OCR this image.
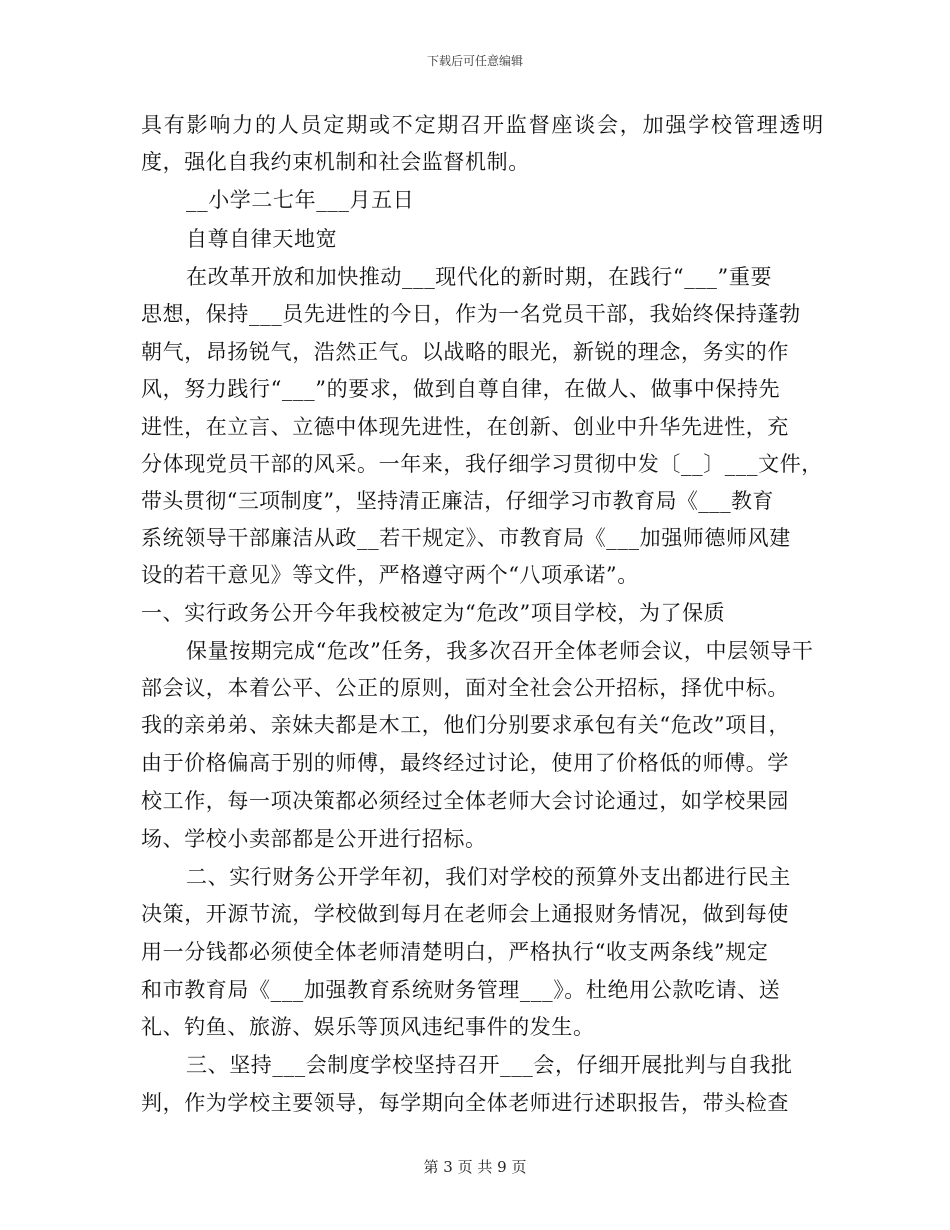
下载后可任意编辑
具有影响力的人员定期或不定期召开监督座谈会，加强学校管理透明
度，强化自我约束机制和社会监督机制。
__小学二七年___月五日
自尊自律天地宽
在改革开放和加快推动___现代化的新时期，在践行“___”重要
思想，保持___员先进性的今日，作为一名党员干部，我始终保持蓬勃
朝气，昂扬锐气，浩然正气。以战略的眼光，新锐的理念，务实的作
风，努力践行“___”的要求，做到自尊自律，在做人、做事中保持先
进性，在立言、立德中体现先进性，在创新、创业中升华先进性，充
分体现党员干部的风采。一年来，我仔细学习贯彻中发〔__〕___文件，
带头贯彻“三项制度”，坚持清正廉洁，仔细学习市教育局《___教育
系统领导干部廉洁从政__若干规定》、市教育局《___加强师德师风建
设的若干意见》等文件，严格遵守两个“八项承诺”。
一、实行政务公开今年我校被定为“危改”项目学校，为了保质
保量按期完成“危改”任务，我多次召开全体老师会议，中层领导干
部会议，本着公平、公正的原则，面对全社会公开招标，择优中标。
我的亲弟弟、亲妹夫都是木工，他们分别要求承包有关“危改”项目，
由于价格偏高于别的师傅，最终经过讨论，使用了价格低的师傅。学
校工作，每一项决策都必须经过全体老师大会讨论通过，如学校果园
场、学校小卖部都是公开进行招标。
二、实行财务公开学年初，我们对学校的预算外支出都进行民主
决策，开源节流，学校做到每月在老师会上通报财务情况，做到每使
用一分钱都必须使全体老师清楚明白，严格执行“收支两条线”规定
和市教育局《___加强教育系统财务管理___》。杜绝用公款吃请、送
礼、钓鱼、旅游、娱乐等顶风违纪事件的发生。
三、坚持___会制度学校坚持召开___会，仔细开展批判与自我批
判，作为学校主要领导，每学期向全体老师进行述职报告，带头检查
第 3 页 共 9 页
